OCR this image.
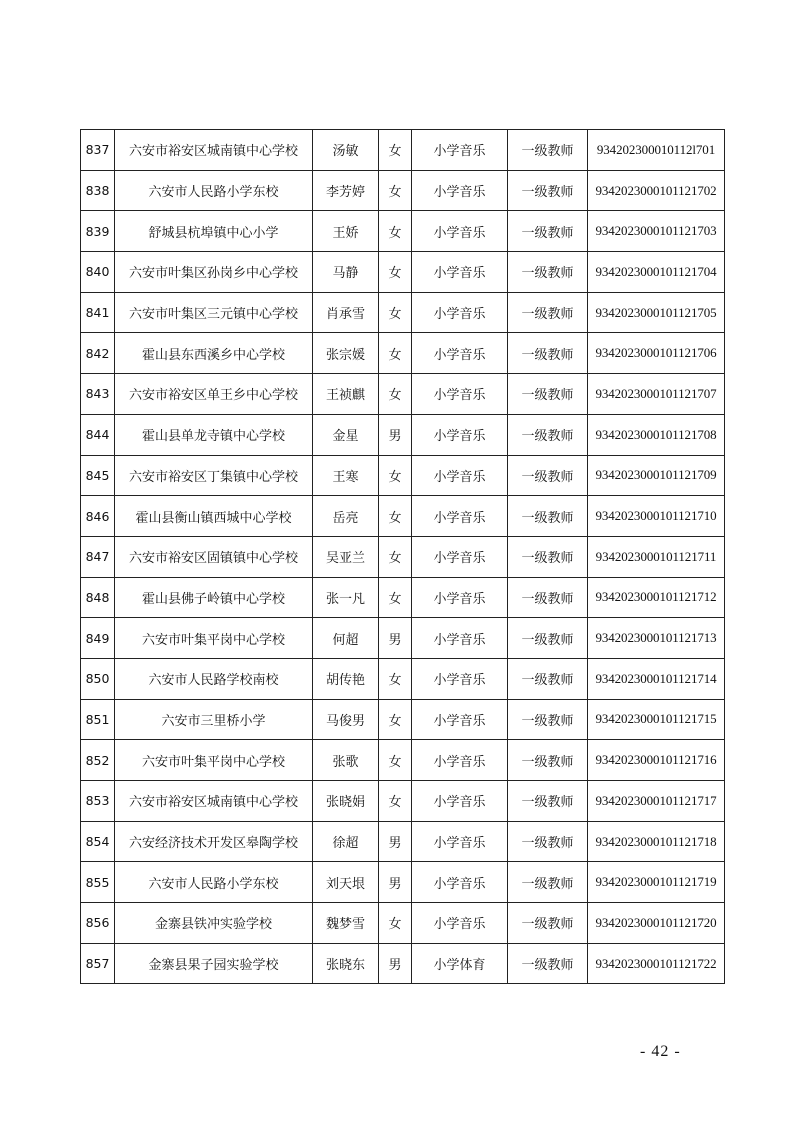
837	六安市裕安区城南镇中心学校	汤敏	女	小学音乐	一级教师	934202300010112l701
838	六安市人民路小学东校	李芳婷	女	小学音乐	一级教师	9342023000101121702
839	舒城县杭埠镇中心小学	王娇	女	小学音乐	一级教师	9342023000101121703
840	六安市叶集区孙岗乡中心学校	马静	女	小学音乐	一级教师	9342023000101121704
841	六安市叶集区三元镇中心学校	肖承雪	女	小学音乐	一级教师	9342023000101121705
842	霍山县东西溪乡中心学校	张宗媛	女	小学音乐	一级教师	9342023000101121706
843	六安市裕安区单王乡中心学校	王祯麒	女	小学音乐	一级教师	9342023000101121707
844	霍山县单龙寺镇中心学校	金星	男	小学音乐	一级教师	9342023000101121708
845	六安市裕安区丁集镇中心学校	王寒	女	小学音乐	一级教师	9342023000101121709
846	霍山县衡山镇西城中心学校	岳亮	女	小学音乐	一级教师	9342023000101121710
847	六安市裕安区固镇镇中心学校	吴亚兰	女	小学音乐	一级教师	9342023000101121711
848	霍山县佛子岭镇中心学校	张一凡	女	小学音乐	一级教师	9342023000101121712
849	六安市叶集平岗中心学校	何超	男	小学音乐	一级教师	9342023000101121713
850	六安市人民路学校南校	胡传艳	女	小学音乐	一级教师	9342023000101121714
851	六安市三里桥小学	马俊男	女	小学音乐	一级教师	9342023000101121715
852	六安市叶集平岗中心学校	张歌	女	小学音乐	一级教师	9342023000101121716
853	六安市裕安区城南镇中心学校	张晓娟	女	小学音乐	一级教师	9342023000101121717
854	六安经济技术开发区皋陶学校	徐超	男	小学音乐	一级教师	9342023000101121718
855	六安市人民路小学东校	刘天垠	男	小学音乐	一级教师	9342023000101121719
856	金寨县铁冲实验学校	魏梦雪	女	小学音乐	一级教师	9342023000101121720
857	金寨县果子园实验学校	张晓东	男	小学体育	一级教师	9342023000101121722
- 42 -
